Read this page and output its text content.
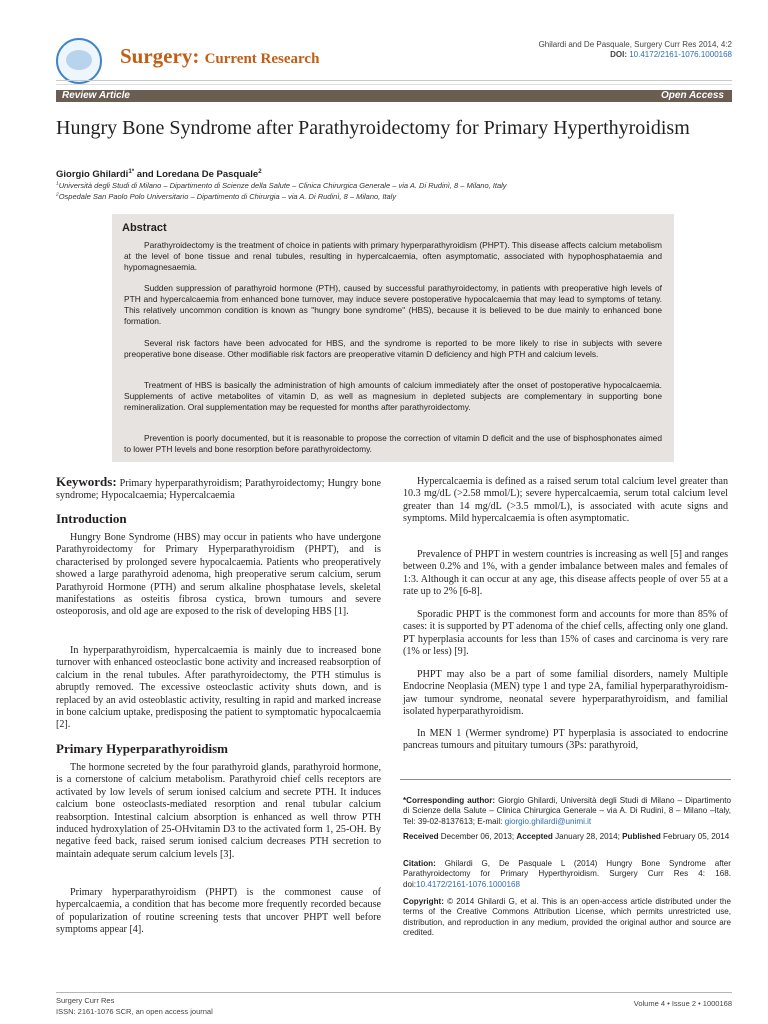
Surgery: Current Research
Ghilardi and De Pasquale, Surgery Curr Res 2014, 4:2
DOI: 10.4172/2161-1076.1000168
Review Article	Open Access
Hungry Bone Syndrome after Parathyroidectomy for Primary Hyperthyroidism
Giorgio Ghilardi$^{1*}$ and Loredana De Pasquale$^2$
$^1$Università degli Studi di Milano – Dipartimento di Scienze della Salute – Clinica Chirurgica Generale – via A. Di Rudinì, 8 – Milano, Italy
$^2$Ospedale San Paolo Polo Universitario – Dipartimento di Chirurgia – via A. Di Rudinì, 8 – Milano, Italy
Abstract

Parathyroidectomy is the treatment of choice in patients with primary hyperparathyroidism (PHPT). This disease affects calcium metabolism at the level of bone tissue and renal tubules, resulting in hypercalcaemia, often asymptomatic, associated with hypophosphataemia and hypomagnesaemia.

Sudden suppression of parathyroid hormone (PTH), caused by successful parathyroidectomy, in patients with preoperative high levels of PTH and hypercalcaemia from enhanced bone turnover, may induce severe postoperative hypocalcaemia that may lead to symptoms of tetany. This relatively uncommon condition is known as "hungry bone syndrome" (HBS), because it is believed to be due mainly to enhanced bone formation.

Several risk factors have been advocated for HBS, and the syndrome is reported to be more likely to rise in subjects with severe preoperative bone disease. Other modifiable risk factors are preoperative vitamin D deficiency and high PTH and calcium levels.

Treatment of HBS is basically the administration of high amounts of calcium immediately after the onset of postoperative hypocalcaemia. Supplements of active metabolites of vitamin D, as well as magnesium in depleted subjects are complementary in supporting bone remineralization. Oral supplementation may be requested for months after parathyroidectomy.

Prevention is poorly documented, but it is reasonable to propose the correction of vitamin D deficit and the use of bisphosphonates aimed to lower PTH levels and bone resorption before parathyroidectomy.

Keywords: Primary hyperparathyroidism; Parathyroidectomy; Hungry bone syndrome; Hypocalcaemia; Hypercalcaemia

Introduction

Hungry Bone Syndrome (HBS) may occur in patients who have undergone Parathyroidectomy for Primary Hyperparathyroidism (PHPT), and is characterised by prolonged severe hypocalcaemia. Patients who preoperatively showed a large parathyroid adenoma, high preoperative serum calcium, serum Parathyroid Hormone (PTH) and serum alkaline phosphatase levels, skeletal manifestations as osteitis fibrosa cystica, brown tumours and severe osteoporosis, and old age are exposed to the risk of developing HBS [1].

In hyperparathyroidism, hypercalcaemia is mainly due to increased bone turnover with enhanced osteoclastic bone activity and increased reabsorption of calcium in the renal tubules. After parathyroidectomy, the PTH stimulus is abruptly removed. The excessive osteoclastic activity shuts down, and is replaced by an avid osteoblastic activity, resulting in rapid and marked increase in bone calcium uptake, predisposing the patient to symptomatic hypocalcaemia [2].

Primary Hyperparathyroidism

The hormone secreted by the four parathyroid glands, parathyroid hormone, is a cornerstone of calcium metabolism. Parathyroid chief cells receptors are activated by low levels of serum ionised calcium and secrete PTH. It induces calcium bone osteoclasts-mediated resorption and renal tubular calcium reabsorption. Intestinal calcium absorption is enhanced as well throw PTH induced hydroxylation of 25-OHvitamin D3 to the activated form 1, 25-OH. By negative feed back, raised serum ionised calcium decreases PTH secretion to maintain adequate serum calcium levels [3].

Primary hyperparathyroidism (PHPT) is the commonest cause of hypercalcaemia, a condition that has become more frequently recorded because of popularization of routine screening tests that uncover PHPT well before symptoms appear [4].

Hypercalcaemia is defined as a raised serum total calcium level greater than 10.3 mg/dL (>2.58 mmol/L); severe hypercalcaemia, serum total calcium level greater than 14 mg/dL (>3.5 mmol/L), is associated with acute signs and symptoms. Mild hypercalcaemia is often asymptomatic.

Prevalence of PHPT in western countries is increasing as well [5] and ranges between 0.2% and 1%, with a gender imbalance between males and females of 1:3. Although it can occur at any age, this disease affects people of over 55 at a rate up to 2% [6-8].

Sporadic PHPT is the commonest form and accounts for more than 85% of cases: it is supported by PT adenoma of the chief cells, affecting only one gland. PT hyperplasia accounts for less than 15% of cases and carcinoma is very rare (1% or less) [9].

PHPT may also be a part of some familial disorders, namely Multiple Endocrine Neoplasia (MEN) type 1 and type 2A, familial hyperparathyroidism-jaw tumour syndrome, neonatal severe hyperparathyroidism, and familial isolated hyperparathyroidism.

In MEN 1 (Wermer syndrome) PT hyperplasia is associated to endocrine pancreas tumours and pituitary tumours (3Ps: parathyroid,

*Corresponding author: Giorgio Ghilardi, Università degli Studi di Milano – Dipartimento di Scienze della Salute – Clinica Chirurgica Generale – via A. Di Rudinì, 8 – Milano –Italy, Tel: 39-02-8137613; E-mail: giorgio.ghilardi@unimi.it

Received December 06, 2013; Accepted January 28, 2014; Published February 05, 2014

Citation: Ghilardi G, De Pasquale L (2014) Hungry Bone Syndrome after Parathyroidectomy for Primary Hyperthyroidism. Surgery Curr Res 4: 168. doi:10.4172/2161-1076.1000168

Copyright: © 2014 Ghilardi G, et al. This is an open-access article distributed under the terms of the Creative Commons Attribution License, which permits unrestricted use, distribution, and reproduction in any medium, provided the original author and source are credited.

Surgery Curr Res
ISSN: 2161-1076 SCR, an open access journal
Volume 4 • Issue 2 • 1000168
